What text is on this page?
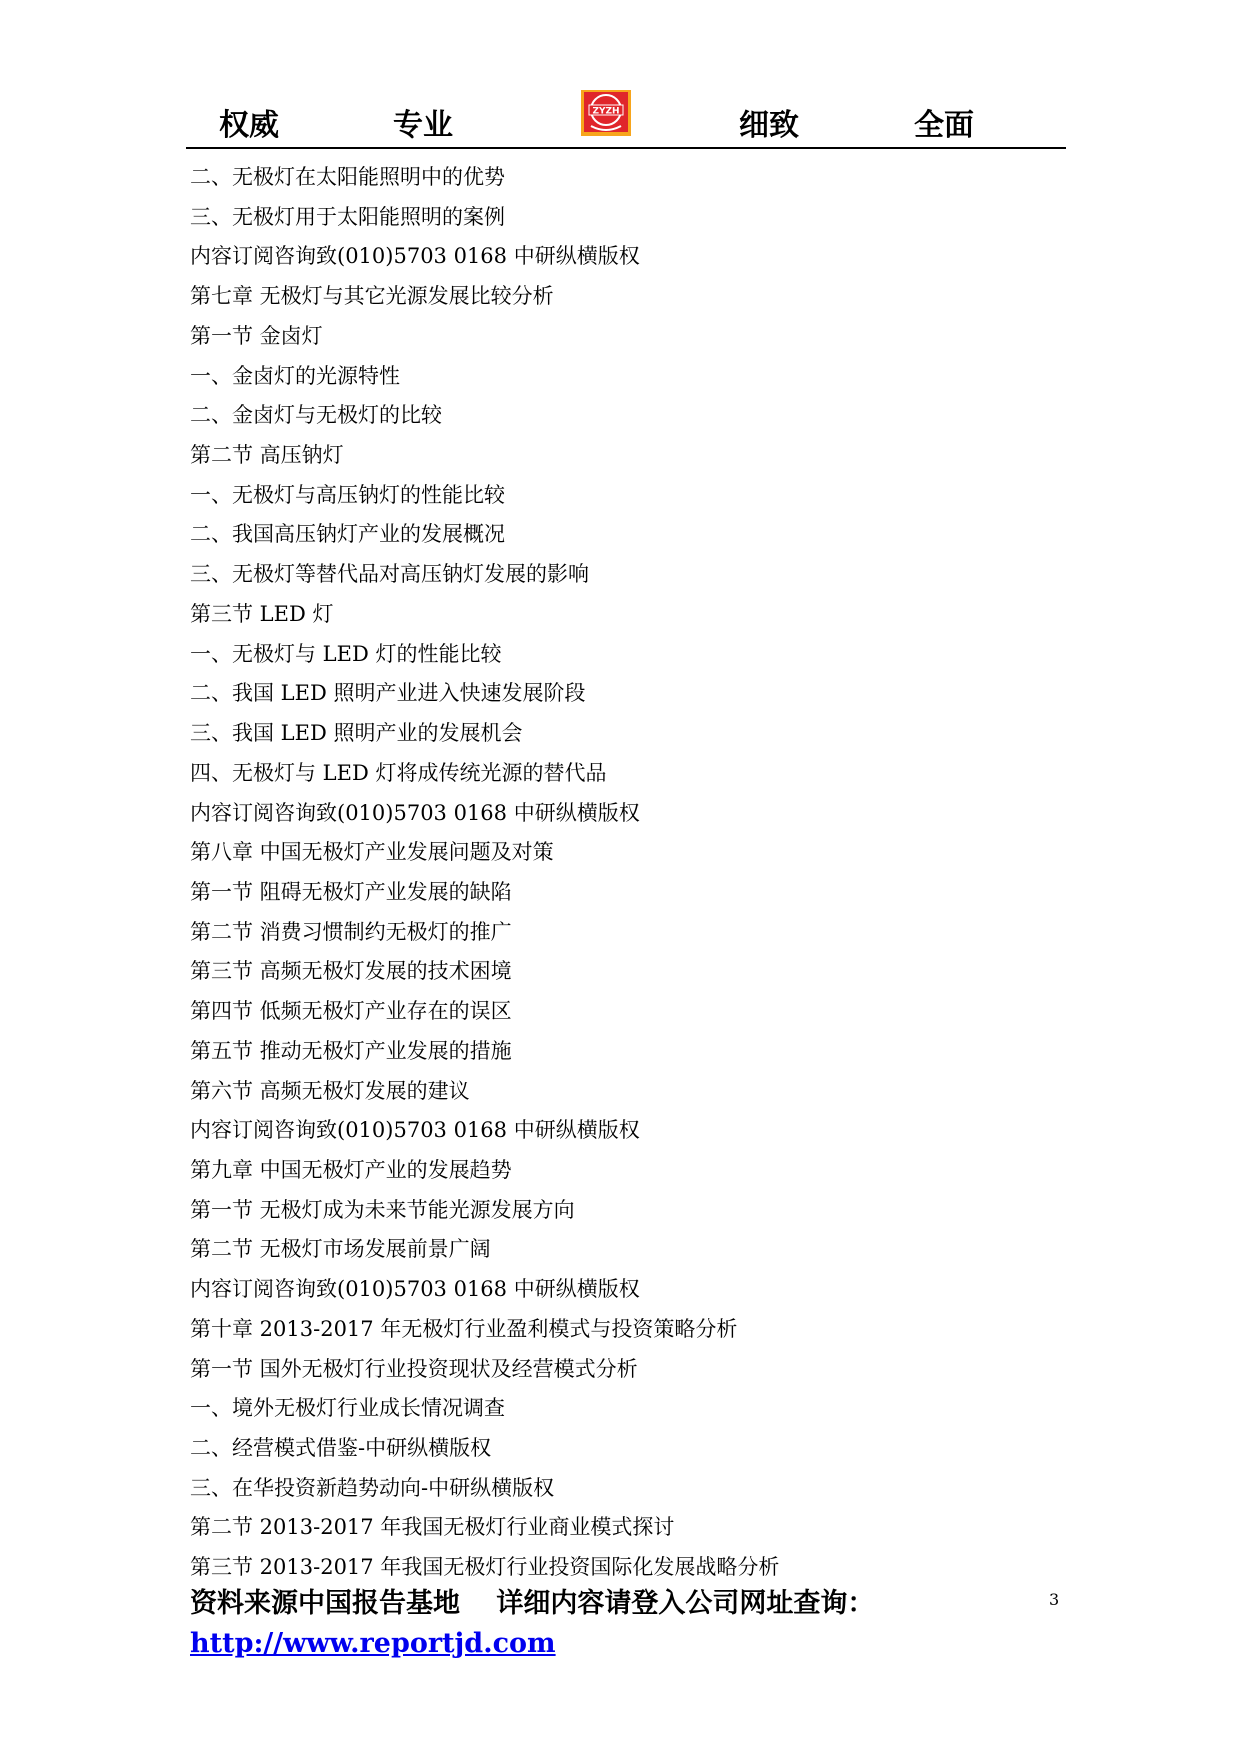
权威	专业	细致	全面
ZYZH
二、无极灯在太阳能照明中的优势
三、无极灯用于太阳能照明的案例
内容订阅咨询致(010)5703 0168 中研纵横版权
第七章 无极灯与其它光源发展比较分析
第一节 金卤灯
一、金卤灯的光源特性
二、金卤灯与无极灯的比较
第二节 高压钠灯
一、无极灯与高压钠灯的性能比较
二、我国高压钠灯产业的发展概况
三、无极灯等替代品对高压钠灯发展的影响
第三节 LED 灯
一、无极灯与 LED 灯的性能比较
二、我国 LED 照明产业进入快速发展阶段
三、我国 LED 照明产业的发展机会
四、无极灯与 LED 灯将成传统光源的替代品
内容订阅咨询致(010)5703 0168 中研纵横版权
第八章 中国无极灯产业发展问题及对策
第一节 阻碍无极灯产业发展的缺陷
第二节 消费习惯制约无极灯的推广
第三节 高频无极灯发展的技术困境
第四节 低频无极灯产业存在的误区
第五节 推动无极灯产业发展的措施
第六节 高频无极灯发展的建议
内容订阅咨询致(010)5703 0168 中研纵横版权
第九章 中国无极灯产业的发展趋势
第一节 无极灯成为未来节能光源发展方向
第二节 无极灯市场发展前景广阔
内容订阅咨询致(010)5703 0168 中研纵横版权
第十章 2013-2017 年无极灯行业盈利模式与投资策略分析
第一节 国外无极灯行业投资现状及经营模式分析
一、境外无极灯行业成长情况调查
二、经营模式借鉴-中研纵横版权
三、在华投资新趋势动向-中研纵横版权
第二节 2013-2017 年我国无极灯行业商业模式探讨
第三节 2013-2017 年我国无极灯行业投资国际化发展战略分析
3
资料来源中国报告基地　 详细内容请登入公司网址查询：
http://www.reportjd.com
